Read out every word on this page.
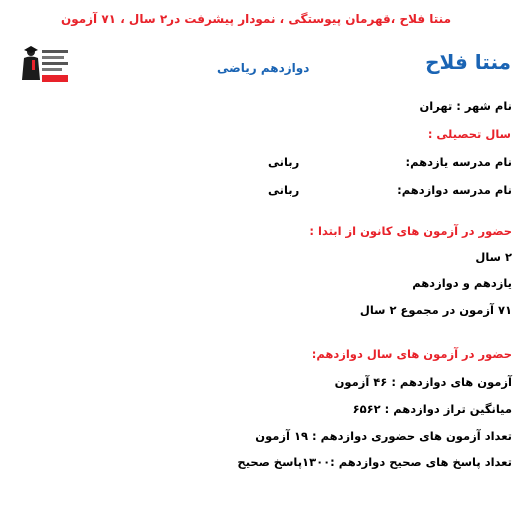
منتا فلاح ،قهرمان پیوستگی ، نمودار پیشرفت در۲ سال ، ۷۱ آزمون
منتا فلاح
دوازدهم ریاضی
نام شهر : تهران
سال تحصیلی :
نام مدرسه یازدهم:
ربانی
نام مدرسه دوازدهم:
ربانی
حضور در آزمون های کانون از ابتدا :
۲ سال
یازدهم و دوازدهم
۷۱ آزمون در مجموع ۲ سال
حضور در آزمون های سال دوازدهم:
آزمون های دوازدهم : ۴۶ آزمون
میانگین تراز دوازدهم : ۶۵۶۲
تعداد آزمون های حضوری دوازدهم : ۱۹ آزمون
تعداد پاسخ های صحیح دوازدهم :۱۳۰۰پاسخ صحیح
